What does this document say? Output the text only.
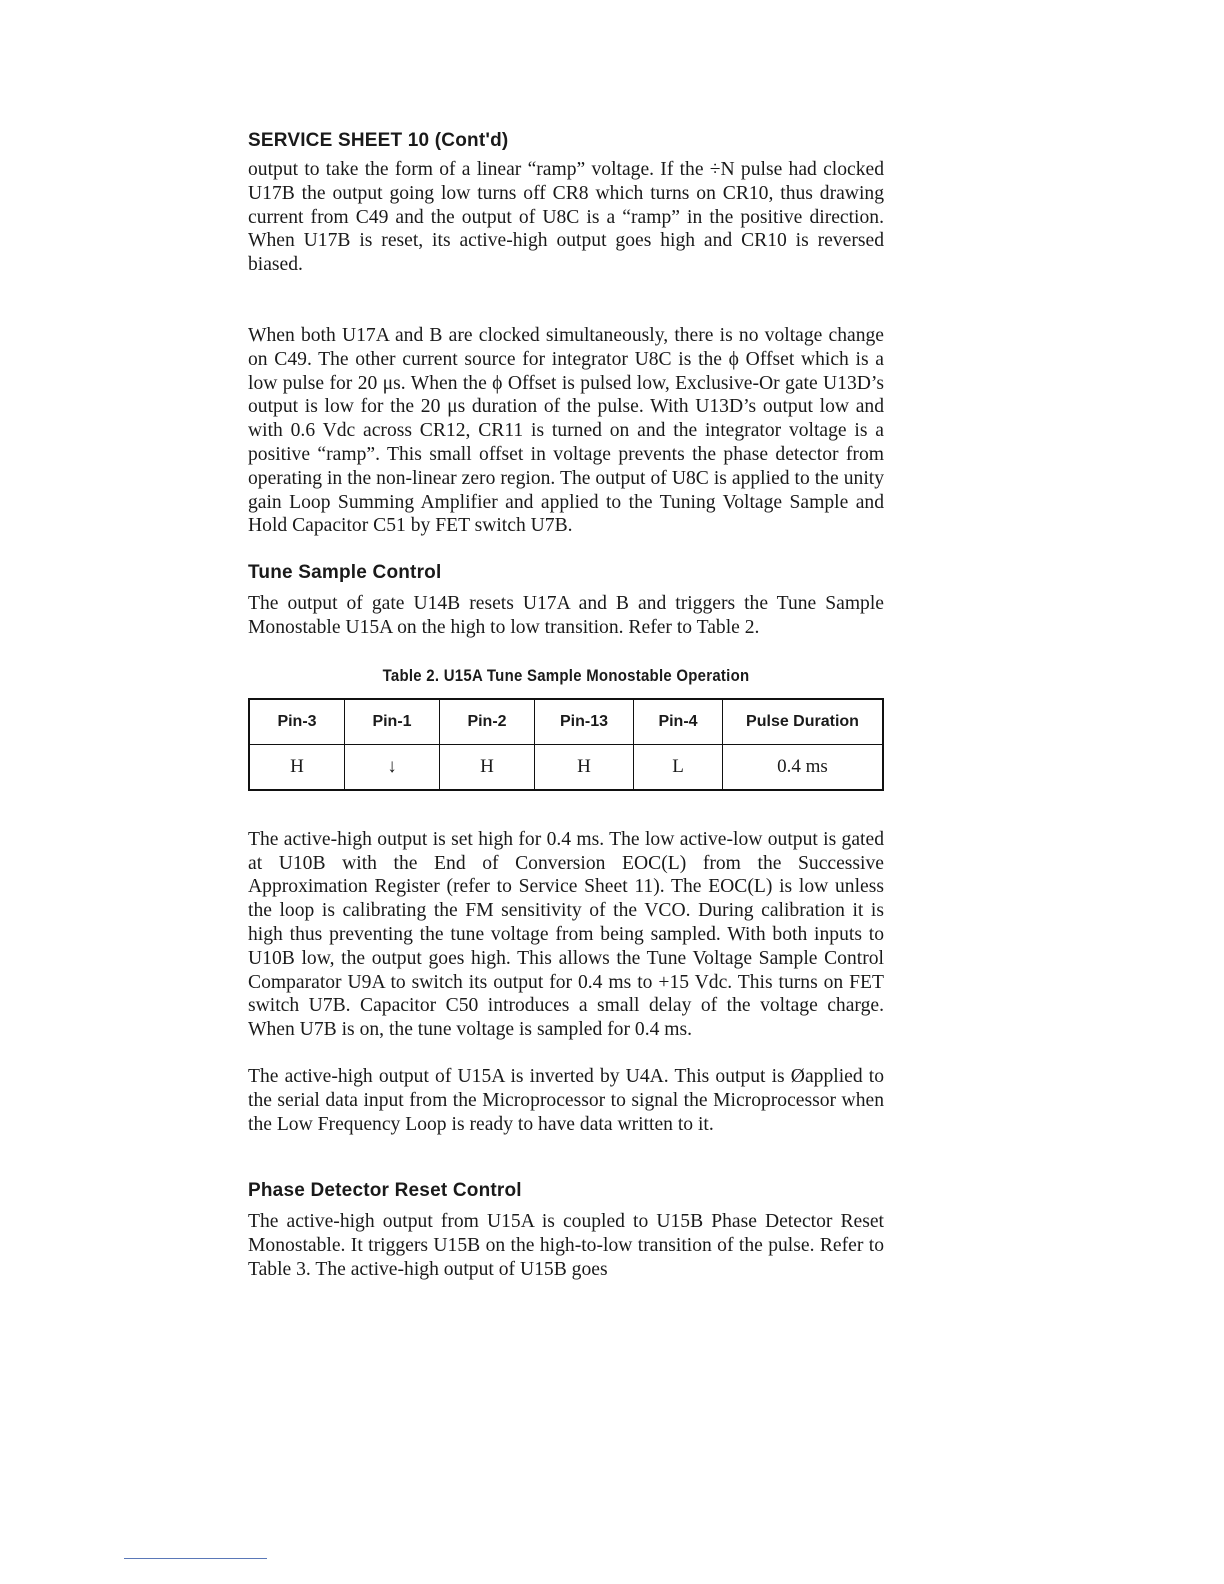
SERVICE SHEET 10 (Cont'd)

output to take the form of a linear “ramp” voltage. If the ÷N pulse had clocked U17B the output going low turns off CR8 which turns on CR10, thus drawing current from C49 and the output of U8C is a “ramp” in the positive direction. When U17B is reset, its active-high output goes high and CR10 is reversed biased.

When both U17A and B are clocked simultaneously, there is no voltage change on C49. The other current source for integrator U8C is the ϕ Offset which is a low pulse for 20 μs. When the ϕ Offset is pulsed low, Exclusive-Or gate U13D’s output is low for the 20 μs duration of the pulse. With U13D’s output low and with 0.6 Vdc across CR12, CR11 is turned on and the integrator voltage is a positive “ramp”. This small offset in voltage prevents the phase detector from operating in the non-linear zero region. The output of U8C is applied to the unity gain Loop Summing Amplifier and applied to the Tuning Voltage Sample and Hold Capacitor C51 by FET switch U7B.

Tune Sample Control

The output of gate U14B resets U17A and B and triggers the Tune Sample Monostable U15A on the high to low transition. Refer to Table 2.

Table 2. U15A Tune Sample Monostable Operation
Pin-3	Pin-1	Pin-2	Pin-13	Pin-4	Pulse Duration
H	↓	H	H	L	0.4 ms

The active-high output is set high for 0.4 ms. The low active-low output is gated at U10B with the End of Conversion EOC(L) from the Successive Approximation Register (refer to Service Sheet 11). The EOC(L) is low unless the loop is calibrating the FM sensitivity of the VCO. During calibration it is high thus preventing the tune voltage from being sampled. With both inputs to U10B low, the output goes high. This allows the Tune Voltage Sample Control Comparator U9A to switch its output for 0.4 ms to +15 Vdc. This turns on FET switch U7B. Capacitor C50 introduces a small delay of the voltage charge. When U7B is on, the tune voltage is sampled for 0.4 ms.

The active-high output of U15A is inverted by U4A. This output is Øapplied to the serial data input from the Microprocessor to signal the Microprocessor when the Low Frequency Loop is ready to have data written to it.

Phase Detector Reset Control

The active-high output from U15A is coupled to U15B Phase Detector Reset Monostable. It triggers U15B on the high-to-low transition of the pulse. Refer to Table 3. The active-high output of U15B goes
